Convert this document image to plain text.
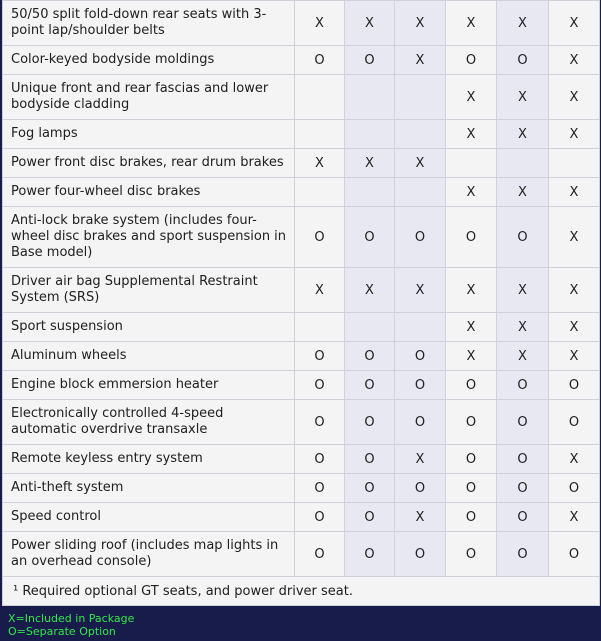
50/50 split fold-down rear seats with 3-point lap/shoulder belts	X	X	X	X	X	X
Color-keyed bodyside moldings	O	O	X	O	O	X
Unique front and rear fascias and lower bodyside cladding				X	X	X
Fog lamps				X	X	X
Power front disc brakes, rear drum brakes	X	X	X			
Power four-wheel disc brakes				X	X	X
Anti-lock brake system (includes four-wheel disc brakes and sport suspension in Base model)	O	O	O	O	O	X
Driver air bag Supplemental Restraint System (SRS)	X	X	X	X	X	X
Sport suspension				X	X	X
Aluminum wheels	O	O	O	X	X	X
Engine block emmersion heater	O	O	O	O	O	O
Electronically controlled 4-speed automatic overdrive transaxle	O	O	O	O	O	O
Remote keyless entry system	O	O	X	O	O	X
Anti-theft system	O	O	O	O	O	O
Speed control	O	O	X	O	O	X
Power sliding roof (includes map lights in an overhead console)	O	O	O	O	O	O
¹ Required optional GT seats, and power driver seat.						
X=Included in Package
O=Separate Option
